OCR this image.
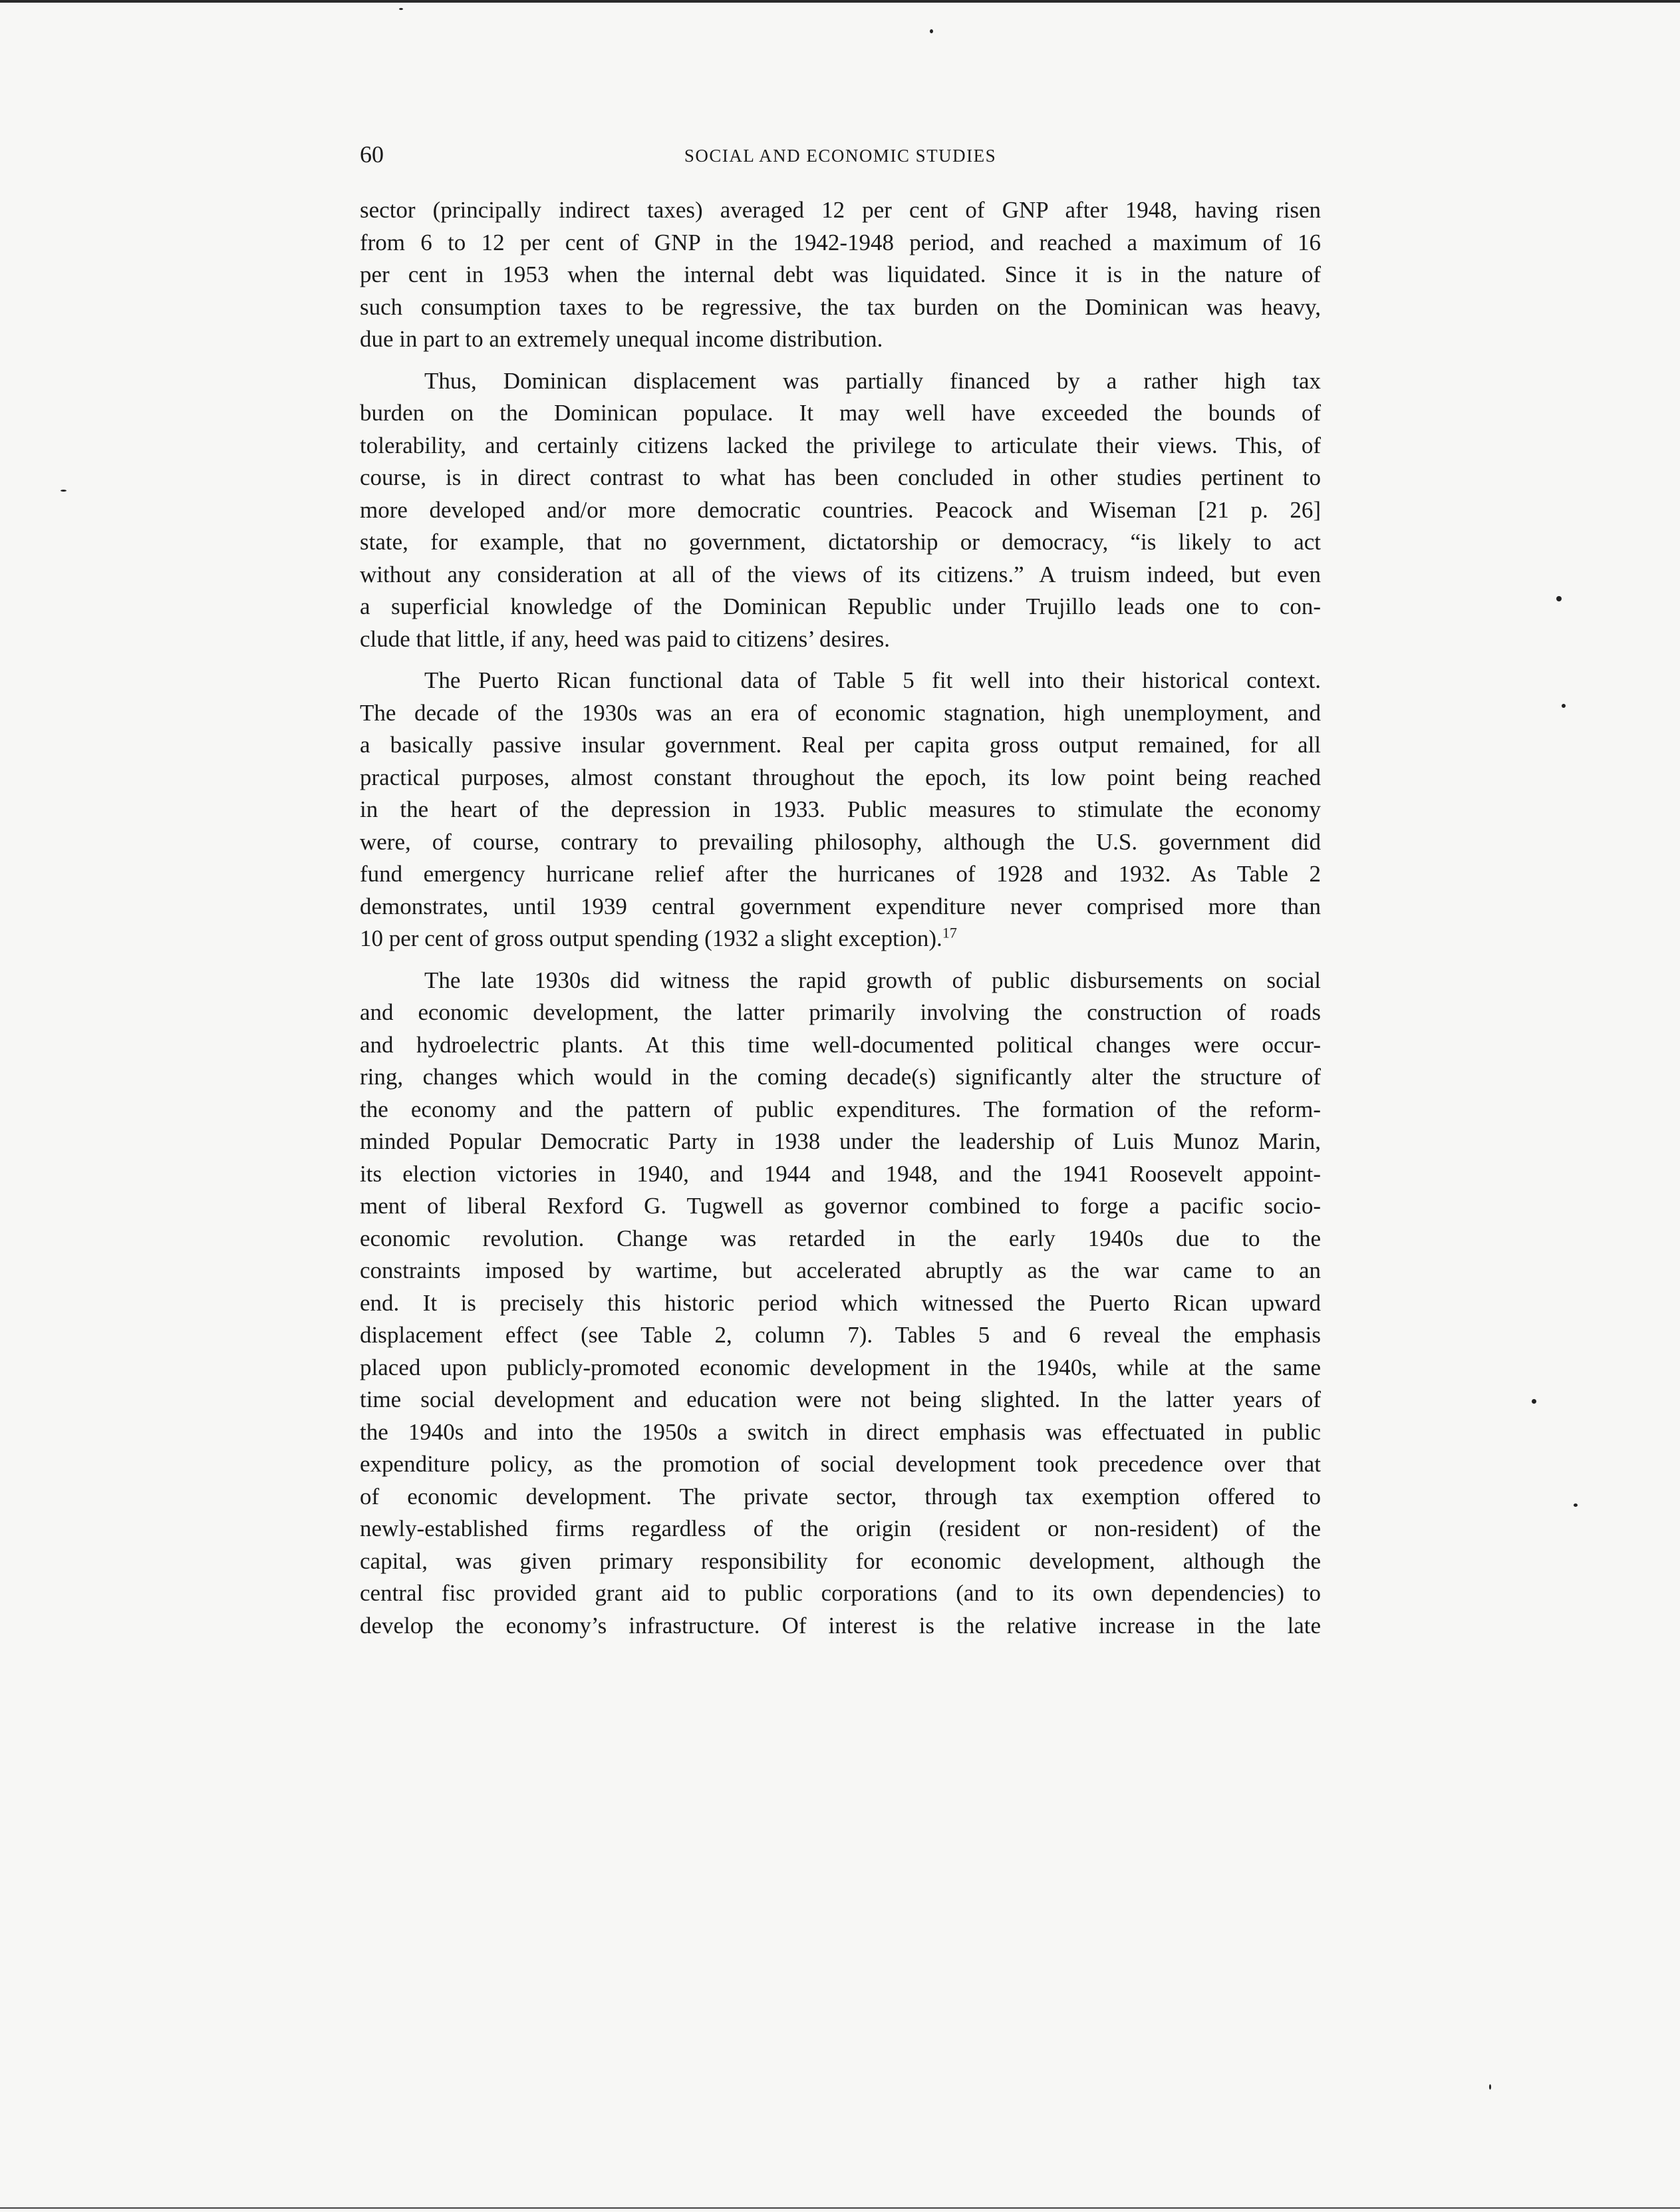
60	SOCIAL AND ECONOMIC STUDIES
sector (principally indirect taxes) averaged 12 per cent of GNP after 1948, having risen
from 6 to 12 per cent of GNP in the 1942-1948 period, and reached a maximum of 16
per cent in 1953 when the internal debt was liquidated. Since it is in the nature of
such consumption taxes to be regressive, the tax burden on the Dominican was heavy,
due in part to an extremely unequal income distribution.
Thus, Dominican displacement was partially financed by a rather high tax
burden on the Dominican populace. It may well have exceeded the bounds of
tolerability, and certainly citizens lacked the privilege to articulate their views. This, of
course, is in direct contrast to what has been concluded in other studies pertinent to
more developed and/or more democratic countries. Peacock and Wiseman [21 p. 26]
state, for example, that no government, dictatorship or democracy, “is likely to act
without any consideration at all of the views of its citizens.” A truism indeed, but even
a superficial knowledge of the Dominican Republic under Trujillo leads one to con-
clude that little, if any, heed was paid to citizens’ desires.
The Puerto Rican functional data of Table 5 fit well into their historical context.
The decade of the 1930s was an era of economic stagnation, high unemployment, and
a basically passive insular government. Real per capita gross output remained, for all
practical purposes, almost constant throughout the epoch, its low point being reached
in the heart of the depression in 1933. Public measures to stimulate the economy
were, of course, contrary to prevailing philosophy, although the U.S. government did
fund emergency hurricane relief after the hurricanes of 1928 and 1932. As Table 2
demonstrates, until 1939 central government expenditure never comprised more than
10 per cent of gross output spending (1932 a slight exception).$^{17}$
The late 1930s did witness the rapid growth of public disbursements on social
and economic development, the latter primarily involving the construction of roads
and hydroelectric plants. At this time well-documented political changes were occur-
ring, changes which would in the coming decade(s) significantly alter the structure of
the economy and the pattern of public expenditures. The formation of the reform-
minded Popular Democratic Party in 1938 under the leadership of Luis Munoz Marin,
its election victories in 1940, and 1944 and 1948, and the 1941 Roosevelt appoint-
ment of liberal Rexford G. Tugwell as governor combined to forge a pacific socio-
economic revolution. Change was retarded in the early 1940s due to the
constraints imposed by wartime, but accelerated abruptly as the war came to an
end. It is precisely this historic period which witnessed the Puerto Rican upward
displacement effect (see Table 2, column 7). Tables 5 and 6 reveal the emphasis
placed upon publicly-promoted economic development in the 1940s, while at the same
time social development and education were not being slighted. In the latter years of
the 1940s and into the 1950s a switch in direct emphasis was effectuated in public
expenditure policy, as the promotion of social development took precedence over that
of economic development. The private sector, through tax exemption offered to
newly-established firms regardless of the origin (resident or non-resident) of the
capital, was given primary responsibility for economic development, although the
central fisc provided grant aid to public corporations (and to its own dependencies) to
develop the economy’s infrastructure. Of interest is the relative increase in the late
